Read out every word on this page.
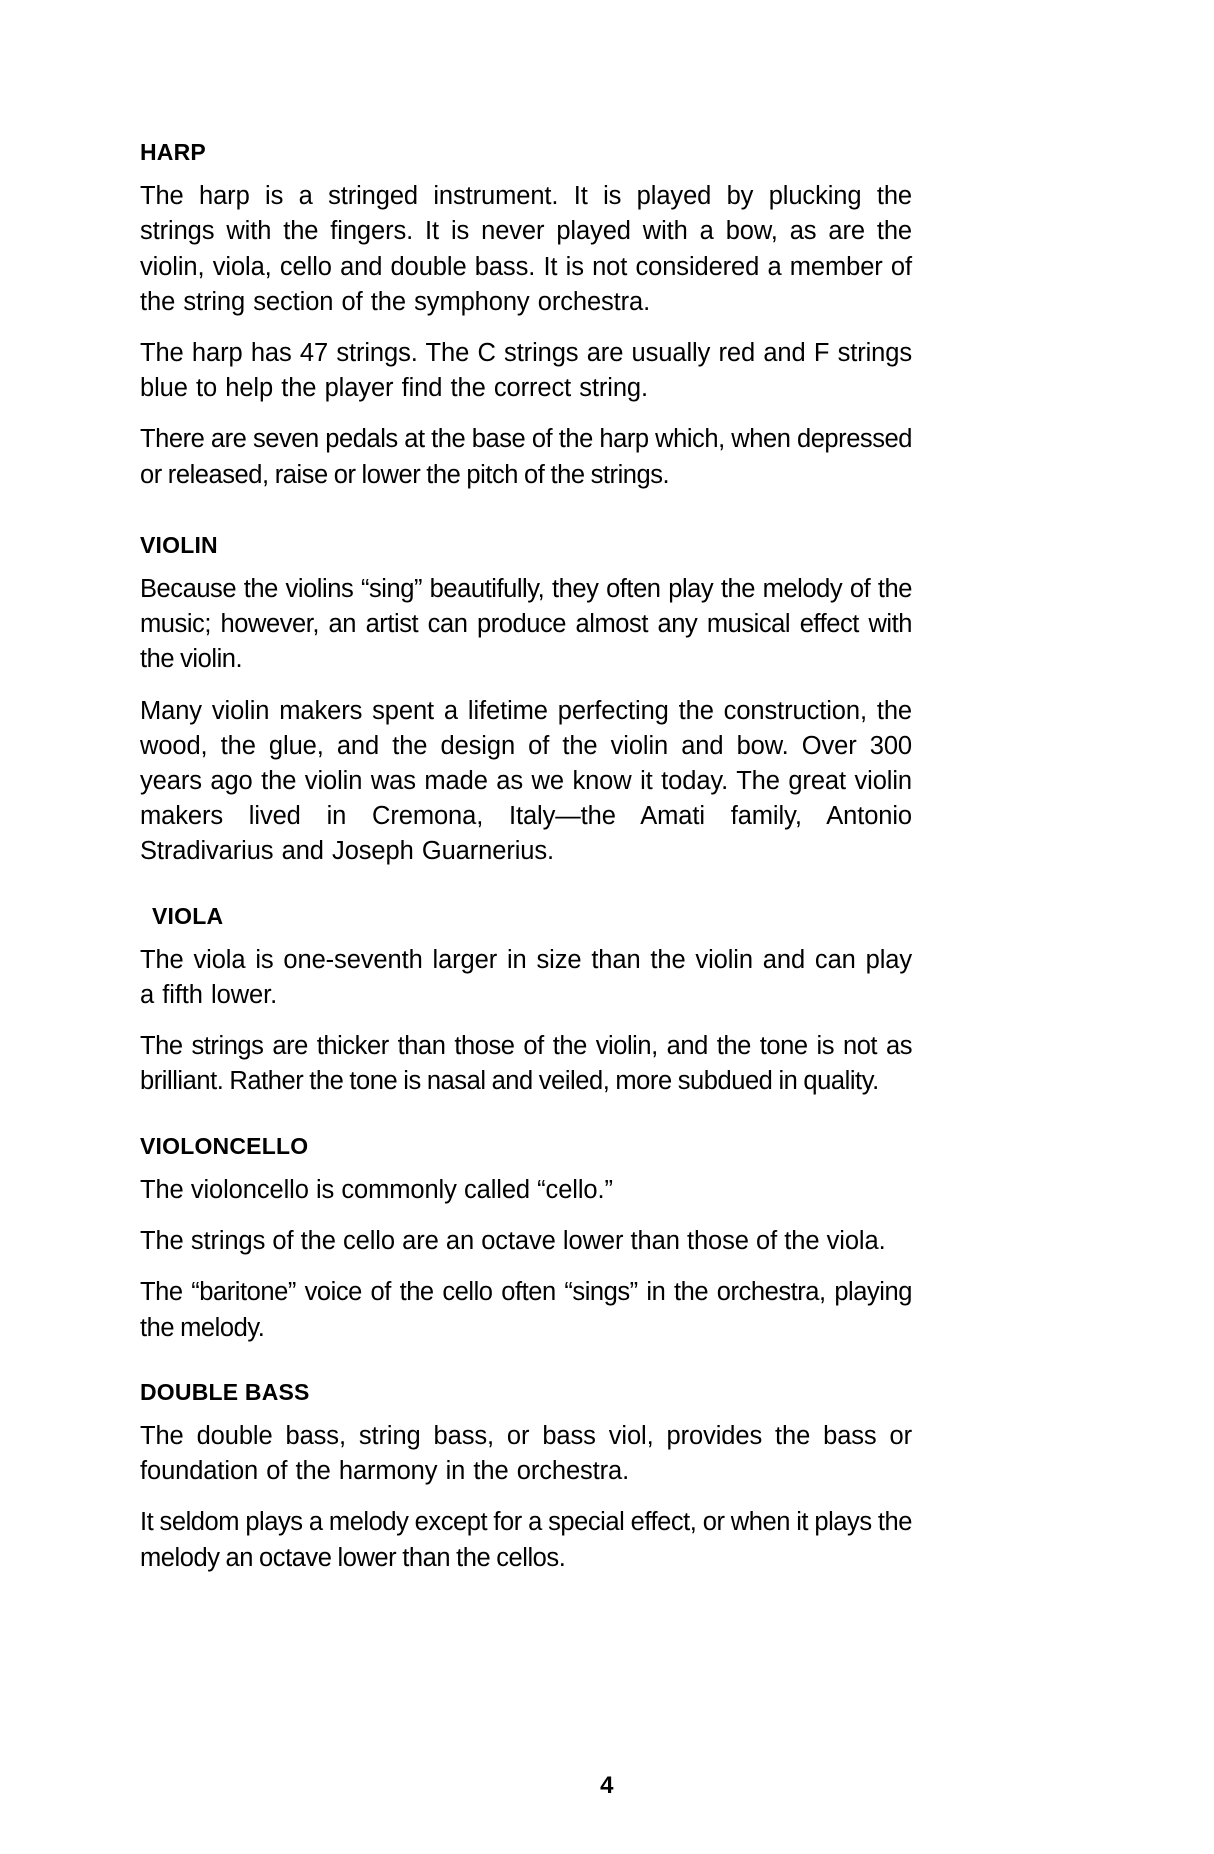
HARP

The harp is a stringed instrument. It is played by plucking the strings with the fingers. It is never played with a bow, as are the violin, viola, cello and double bass. It is not considered a member of the string section of the symphony orchestra.

The harp has 47 strings. The C strings are usually red and F strings blue to help the player find the correct string.

There are seven pedals at the base of the harp which, when depressed or released, raise or lower the pitch of the strings.

VIOLIN

Because the violins “sing” beautifully, they often play the melody of the music; however, an artist can produce almost any musical effect with the violin.

Many violin makers spent a lifetime perfecting the construction, the wood, the glue, and the design of the violin and bow. Over 300 years ago the violin was made as we know it today. The great violin makers lived in Cremona, Italy—the Amati family, Antonio Stradivarius and Joseph Guarnerius.

VIOLA

The viola is one-seventh larger in size than the violin and can play a fifth lower.

The strings are thicker than those of the violin, and the tone is not as brilliant. Rather the tone is nasal and veiled, more subdued in quality.

VIOLONCELLO

The violoncello is commonly called “cello.”

The strings of the cello are an octave lower than those of the viola.

The “baritone” voice of the cello often “sings” in the orchestra, playing the melody.

DOUBLE BASS

The double bass, string bass, or bass viol, provides the bass or foundation of the harmony in the orchestra.

It seldom plays a melody except for a special effect, or when it plays the melody an octave lower than the cellos.

4
